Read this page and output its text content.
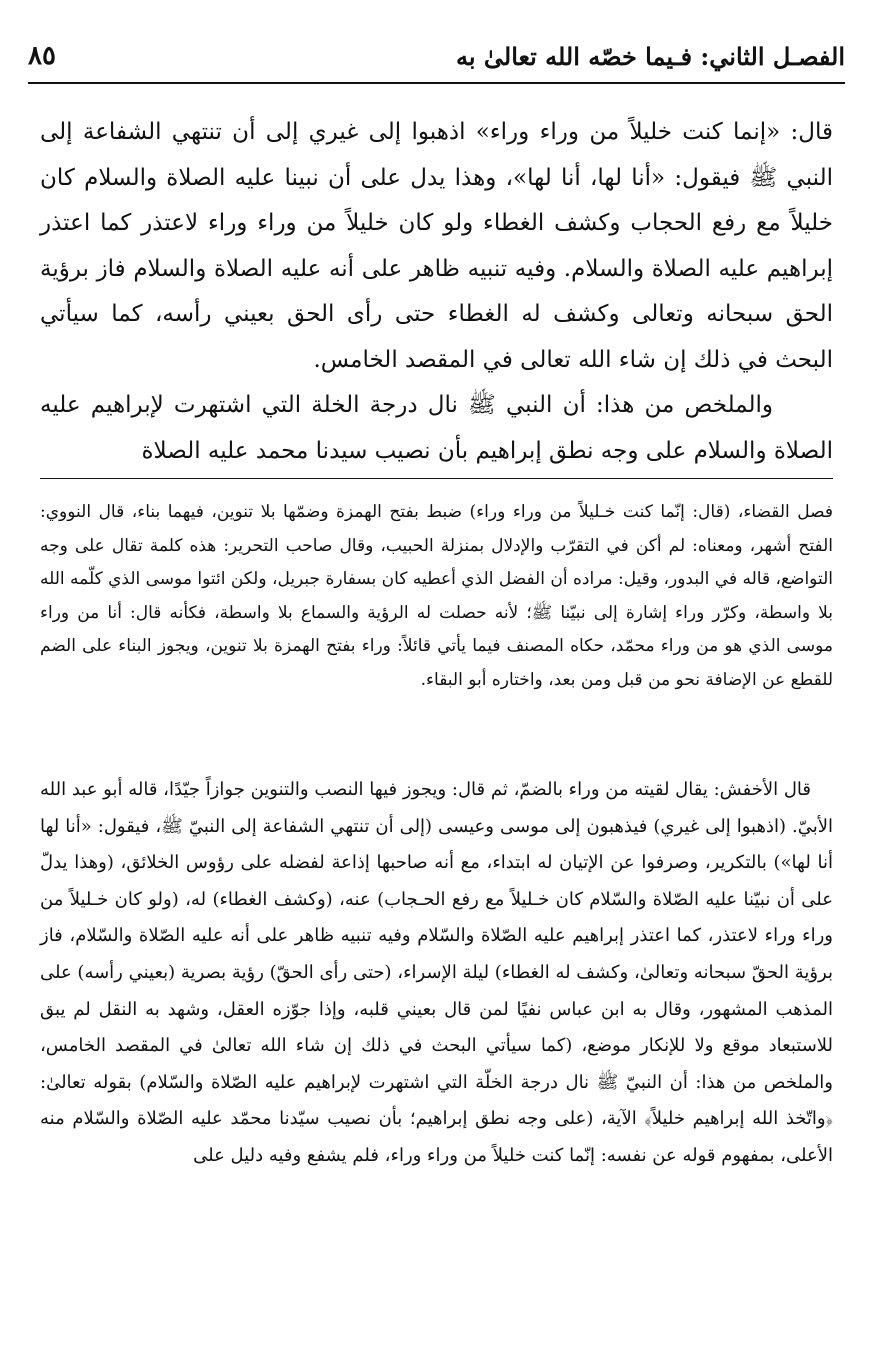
الفصـل الثاني: فـيما خصّه الله تعالىٰ به
٨٥

قال: «إنما كنت خليلاً من وراء وراء» اذهبوا إلى غيري إلى أن تنتهي الشفاعة إلى النبي ﷺ فيقول: «أنا لها، أنا لها»، وهذا يدل على أن نبينا عليه الصلاة والسلام كان خليلاً مع رفع الحجاب وكشف الغطاء ولو كان خليلاً من وراء وراء لاعتذر كما اعتذر إبراهيم عليه الصلاة والسلام. وفيه تنبيه ظاهر على أنه عليه الصلاة والسلام فاز برؤية الحق سبحانه وتعالى وكشف له الغطاء حتى رأى الحق بعيني رأسه، كما سيأتي البحث في ذلك إن شاء الله تعالى في المقصد الخامس.

والملخص من هذا: أن النبي ﷺ نال درجة الخلة التي اشتهرت لإبراهيم عليه الصلاة والسلام على وجه نطق إبراهيم بأن نصيب سيدنا محمد عليه الصلاة

فصل القضاء، (قال: إنّما كنت خـليلاً من وراء وراء) ضبط بفتح الهمزة وضمّها بلا تنوين، فيهما بناء، قال النووي: الفتح أشهر، ومعناه: لم أكن في التقرّب والإدلال بمنزلة الحبيب، وقال صاحب التحرير: هذه كلمة تقال على وجه التواضع، قاله في البدور، وقيل: مراده أن الفضل الذي أعطيه كان بسفارة جبريل، ولكن ائتوا موسى الذي كلّمه الله بلا واسطة، وكرّر وراء إشارة إلى نبيّنا ﷺ؛ لأنه حصلت له الرؤية والسماع بلا واسطة، فكأنه قال: أنا من وراء موسى الذي هو من وراء محمّد، حكاه المصنف فيما يأتي قائلاً: وراء بفتح الهمزة بلا تنوين، ويجوز البناء على الضم للقطع عن الإضافة نحو من قبل ومن بعد، واختاره أبو البقاء.

قال الأخفش: يقال لقيته من وراء بالضمّ، ثم قال: ويجوز فيها النصب والتنوين جوازاً جيّدًا، قاله أبو عبد الله الأبيّ. (اذهبوا إلى غيري) فيذهبون إلى موسى وعيسى (إلى أن تنتهي الشفاعة إلى النبيّ ﷺ، فيقول: «أنا لها أنا لها») بالتكرير، وصرفوا عن الإتيان له ابتداء، مع أنه صاحبها إذاعة لفضله على رؤوس الخلائق، (وهذا يدلّ على أن نبيّنا عليه الصّلاة والسّلام كان خـليلاً مع رفع الحـجاب) عنه، (وكشف الغطاء) له، (ولو كان خـليلاً من وراء وراء لاعتذر، كما اعتذر إبراهيم عليه الصّلاة والسّلام وفيه تنبيه ظاهر على أنه عليه الصّلاة والسّلام، فاز برؤية الحقّ سبحانه وتعالىٰ، وكشف له الغطاء) ليلة الإسراء، (حتى رأى الحقّ) رؤية بصرية (بعيني رأسه) على المذهب المشهور، وقال به ابن عباس نفيًا لمن قال بعيني قلبه، وإذا جوّزه العقل، وشهد به النقل لم يبق للاستبعاد موقع ولا للإنكار موضع، (كما سيأتي البحث في ذلك إن شاء الله تعالىٰ في المقصد الخامس، والملخص من هذا: أن النبيّ ﷺ نال درجة الخلّة التي اشتهرت لإبراهيم عليه الصّلاة والسّلام) بقوله تعالىٰ: ﴿واتّخذ الله إبراهيم خليلاً﴾ الآية، (على وجه نطق إبراهيم؛ بأن نصيب سيّدنا محمّد عليه الصّلاة والسّلام منه الأعلى، بمفهوم قوله عن نفسه: إنّما كنت خليلاً من وراء وراء، فلم يشفع وفيه دليل على
